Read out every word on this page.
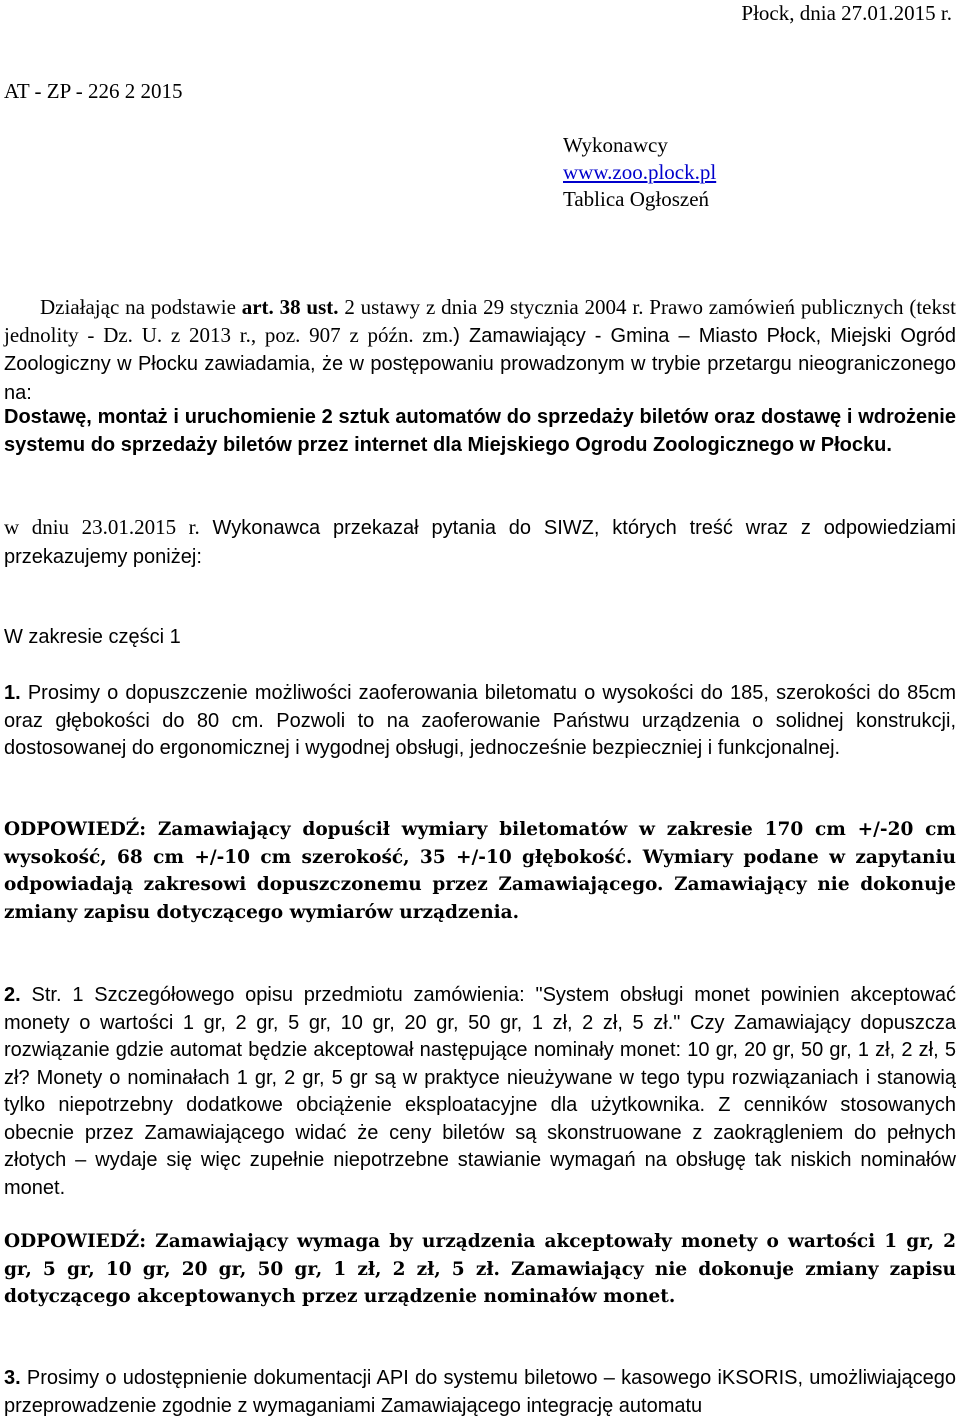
Płock, dnia 27.01.2015 r.
AT - ZP - 226 2 2015
Wykonawcy
www.zoo.plock.pl
Tablica Ogłoszeń
Działając na podstawie art. 38 ust. 2 ustawy z dnia 29 stycznia 2004 r. Prawo zamówień publicznych (tekst jednolity - Dz. U. z 2013 r., poz. 907 z późn. zm.) Zamawiający - Gmina – Miasto Płock, Miejski Ogród Zoologiczny w Płocku zawiadamia, że w postępowaniu prowadzonym w trybie przetargu nieograniczonego na:
Dostawę, montaż i uruchomienie 2 sztuk automatów do sprzedaży biletów oraz dostawę i wdrożenie systemu do sprzedaży biletów przez internet dla Miejskiego Ogrodu Zoologicznego w Płocku.
w dniu 23.01.2015 r. Wykonawca przekazał pytania do SIWZ, których treść wraz z odpowiedziami przekazujemy poniżej:
W zakresie części 1
1. Prosimy o dopuszczenie możliwości zaoferowania biletomatu o wysokości do 185, szerokości do 85cm oraz głębokości do 80 cm. Pozwoli to na zaoferowanie Państwu urządzenia o solidnej konstrukcji, dostosowanej do ergonomicznej i wygodnej obsługi, jednocześnie bezpieczniej i funkcjonalnej.
ODPOWIEDŹ: Zamawiający dopuścił wymiary biletomatów w zakresie 170 cm +/-20 cm wysokość, 68 cm +/-10 cm szerokość, 35 +/-10 głębokość. Wymiary podane w zapytaniu odpowiadają zakresowi dopuszczonemu przez Zamawiającego. Zamawiający nie dokonuje zmiany zapisu dotyczącego wymiarów urządzenia.
2. Str. 1 Szczegółowego opisu przedmiotu zamówienia: "System obsługi monet powinien akceptować monety o wartości 1 gr, 2 gr, 5 gr, 10 gr, 20 gr, 50 gr, 1 zł, 2 zł, 5 zł." Czy Zamawiający dopuszcza rozwiązanie gdzie automat będzie akceptował następujące nominały monet: 10 gr, 20 gr, 50 gr, 1 zł, 2 zł, 5 zł? Monety o nominałach 1 gr, 2 gr, 5 gr są w praktyce nieużywane w tego typu rozwiązaniach i stanowią tylko niepotrzebny dodatkowe obciążenie eksploatacyjne dla użytkownika. Z cenników stosowanych obecnie przez Zamawiającego widać że ceny biletów są skonstruowane z zaokrągleniem do pełnych złotych – wydaje się więc zupełnie niepotrzebne stawianie wymagań na obsługę tak niskich nominałów monet.
ODPOWIEDŹ: Zamawiający wymaga by urządzenia akceptowały monety o wartości 1 gr, 2 gr, 5 gr, 10 gr, 20 gr, 50 gr, 1 zł, 2 zł, 5 zł. Zamawiający nie dokonuje zmiany zapisu dotyczącego akceptowanych przez urządzenie nominałów monet.
3. Prosimy o udostępnienie dokumentacji API do systemu biletowo – kasowego iKSORIS, umożliwiającego przeprowadzenie zgodnie z wymaganiami Zamawiającego integrację automatu
